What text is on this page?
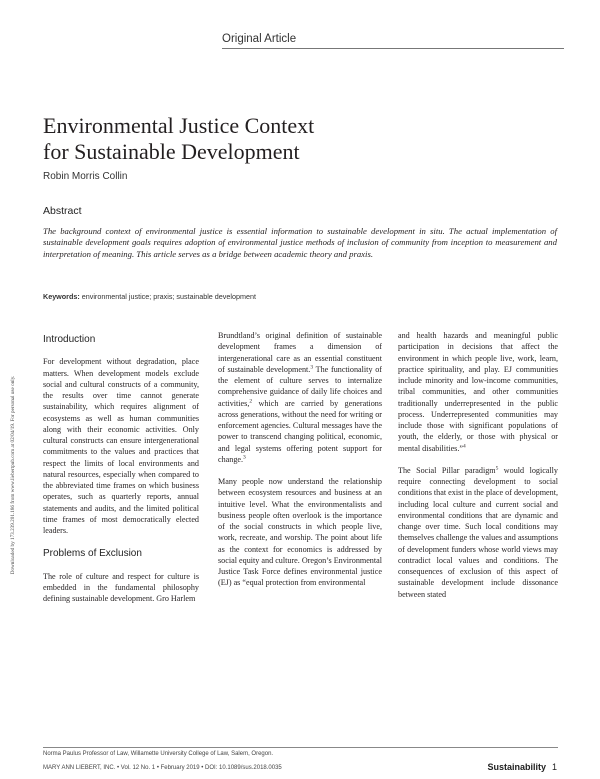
Original Article
Downloaded by 173.239.201.186 from www.liebertpub.com at 02/04/19. For personal use only.
Environmental Justice Context
for Sustainable Development
Robin Morris Collin
Abstract

The background context of environmental justice is essential information to sustainable development in situ. The actual implementation of sustainable development goals requires adoption of environmental justice methods of inclusion of community from inception to measurement and interpretation of meaning. This article serves as a bridge between academic theory and praxis.

Keywords: environmental justice; praxis; sustainable development
Introduction

For development without degradation, place matters. When development models exclude social and cultural constructs of a community, the results over time cannot generate sustainability, which requires alignment of ecosystems as well as human communities along with their economic activities. Only cultural constructs can ensure intergenerational commitments to the values and practices that respect the limits of local environments and natural resources, especially when compared to the abbreviated time frames on which business operates, such as quarterly reports, annual statements and audits, and the limited political time frames of most democratically elected leaders.

Problems of Exclusion

The role of culture and respect for culture is embedded in the fundamental philosophy defining sustainable development. Gro Harlem

Brundtland’s original definition of sustainable development frames a dimension of intergenerational care as an essential constituent of sustainable development.$^3$ The functionality of the element of culture serves to internalize comprehensive guidance of daily life choices and activities,$^2$ which are carried by generations across generations, without the need for writing or enforcement agencies. Cultural messages have the power to transcend changing political, economic, and legal systems offering potent support for change.$^3$

Many people now understand the relationship between ecosystem resources and business at an intuitive level. What the environmentalists and business people often overlook is the importance of the social constructs in which people live, work, recreate, and worship. The point about life as the context for economics is addressed by social equity and culture. Oregon’s Environmental Justice Task Force defines environmental justice (EJ) as “equal protection from environmental

and health hazards and meaningful public participation in decisions that affect the environment in which people live, work, learn, practice spirituality, and play. EJ communities include minority and low-income communities, tribal communities, and other communities traditionally underrepresented in the public process. Underrepresented communities may include those with significant populations of youth, the elderly, or those with physical or mental disabilities.”$^4$

The Social Pillar paradigm$^5$ would logically require connecting development to social conditions that exist in the place of development, including local culture and current social and environmental conditions that are dynamic and change over time. Such local conditions may themselves challenge the values and assumptions of development funders whose world views may contradict local values and conditions. The consequences of exclusion of this aspect of sustainable development include dissonance between stated

Norma Paulus Professor of Law, Willamette University College of Law, Salem, Oregon.
MARY ANN LIEBERT, INC. • Vol. 12 No. 1 • February 2019 • DOI: 10.1089/sus.2018.0035	Sustainability 1
